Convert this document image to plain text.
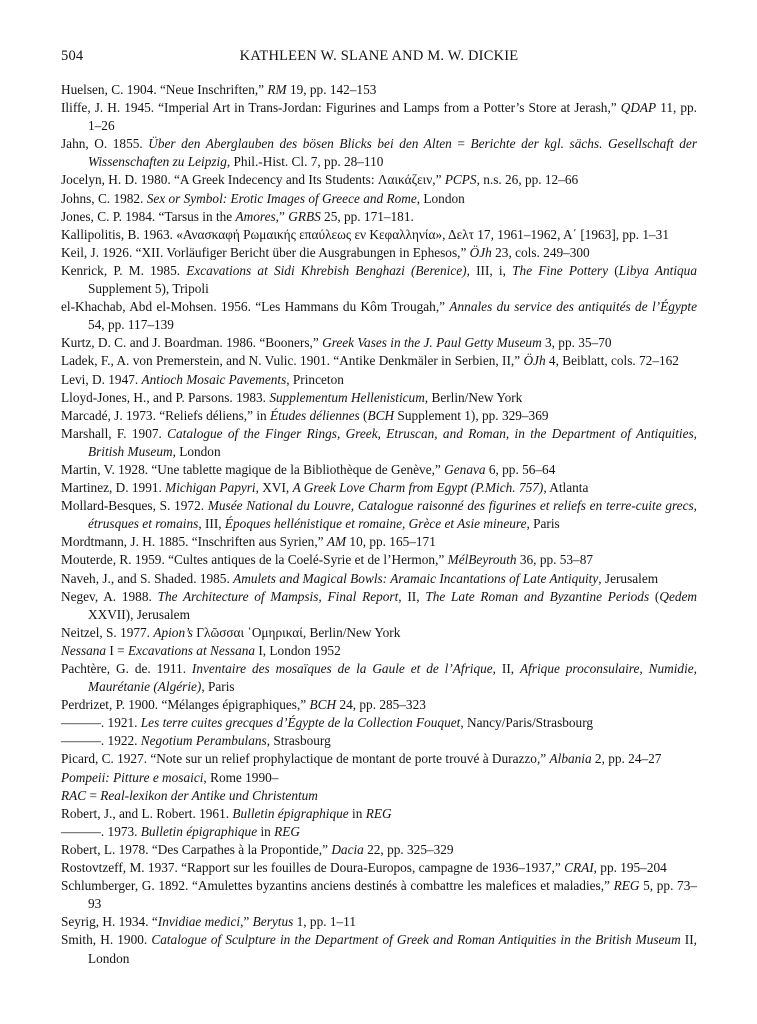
504	KATHLEEN W. SLANE AND M. W. DICKIE
Huelsen, C. 1904. “Neue Inschriften,” RM 19, pp. 142–153
Iliffe, J. H. 1945. “Imperial Art in Trans-Jordan: Figurines and Lamps from a Potter’s Store at Jerash,” QDAP 11, pp. 1–26
Jahn, O. 1855. Über den Aberglauben des bösen Blicks bei den Alten = Berichte der kgl. sächs. Gesellschaft der Wissenschaften zu Leipzig, Phil.-Hist. Cl. 7, pp. 28–110
Jocelyn, H. D. 1980. “A Greek Indecency and Its Students: Λαικάζειν,” PCPS, n.s. 26, pp. 12–66
Johns, C. 1982. Sex or Symbol: Erotic Images of Greece and Rome, London
Jones, C. P. 1984. “Tarsus in the Amores,” GRBS 25, pp. 171–181.
Kallipolitis, B. 1963. «Ανασκαφή Ρωμαικής επαύλεως εν Κεφαλληνία», Δελτ 17, 1961–1962, Α΄ [1963], pp. 1–31
Keil, J. 1926. “XII. Vorläufiger Bericht über die Ausgrabungen in Ephesos,” ÖJh 23, cols. 249–300
Kenrick, P. M. 1985. Excavations at Sidi Khrebish Benghazi (Berenice), III, i, The Fine Pottery (Libya Antiqua Supplement 5), Tripoli
el-Khachab, Abd el-Mohsen. 1956. “Les Hammans du Kôm Trougah,” Annales du service des antiquités de l’Égypte 54, pp. 117–139
Kurtz, D. C. and J. Boardman. 1986. “Booners,” Greek Vases in the J. Paul Getty Museum 3, pp. 35–70
Ladek, F., A. von Premerstein, and N. Vulic. 1901. “Antike Denkmäler in Serbien, II,” ÖJh 4, Beiblatt, cols. 72–162
Levi, D. 1947. Antioch Mosaic Pavements, Princeton
Lloyd-Jones, H., and P. Parsons. 1983. Supplementum Hellenisticum, Berlin/New York
Marcadé, J. 1973. “Reliefs déliens,” in Études déliennes (BCH Supplement 1), pp. 329–369
Marshall, F. 1907. Catalogue of the Finger Rings, Greek, Etruscan, and Roman, in the Department of Antiquities, British Museum, London
Martin, V. 1928. “Une tablette magique de la Bibliothèque de Genève,” Genava 6, pp. 56–64
Martinez, D. 1991. Michigan Papyri, XVI, A Greek Love Charm from Egypt (P.Mich. 757), Atlanta
Mollard-Besques, S. 1972. Musée National du Louvre, Catalogue raisonné des figurines et reliefs en terre-cuite grecs, étrusques et romains, III, Époques hellénistique et romaine, Grèce et Asie mineure, Paris
Mordtmann, J. H. 1885. “Inschriften aus Syrien,” AM 10, pp. 165–171
Mouterde, R. 1959. “Cultes antiques de la Coelé-Syrie et de l’Hermon,” MélBeyrouth 36, pp. 53–87
Naveh, J., and S. Shaded. 1985. Amulets and Magical Bowls: Aramaic Incantations of Late Antiquity, Jerusalem
Negev, A. 1988. The Architecture of Mampsis, Final Report, II, The Late Roman and Byzantine Periods (Qedem XXVII), Jerusalem
Neitzel, S. 1977. Apion’s Γλῶσσαι ῾Ομηρικαί, Berlin/New York
Nessana I = Excavations at Nessana I, London 1952
Pachtère, G. de. 1911. Inventaire des mosaïques de la Gaule et de l’Afrique, II, Afrique proconsulaire, Numidie, Maurétanie (Algérie), Paris
Perdrizet, P. 1900. “Mélanges épigraphiques,” BCH 24, pp. 285–323
———. 1921. Les terre cuites grecques d’Égypte de la Collection Fouquet, Nancy/Paris/Strasbourg
———. 1922. Negotium Perambulans, Strasbourg
Picard, C. 1927. “Note sur un relief prophylactique de montant de porte trouvé à Durazzo,” Albania 2, pp. 24–27
Pompeii: Pitture e mosaici, Rome 1990–
RAC = Real-lexikon der Antike und Christentum
Robert, J., and L. Robert. 1961. Bulletin épigraphique in REG
———. 1973. Bulletin épigraphique in REG
Robert, L. 1978. “Des Carpathes à la Propontide,” Dacia 22, pp. 325–329
Rostovtzeff, M. 1937. “Rapport sur les fouilles de Doura-Europos, campagne de 1936–1937,” CRAI, pp. 195–204
Schlumberger, G. 1892. “Amulettes byzantins anciens destinés à combattre les malefices et maladies,” REG 5, pp. 73–93
Seyrig, H. 1934. “Invidiae medici,” Berytus 1, pp. 1–11
Smith, H. 1900. Catalogue of Sculpture in the Department of Greek and Roman Antiquities in the British Museum II, London
